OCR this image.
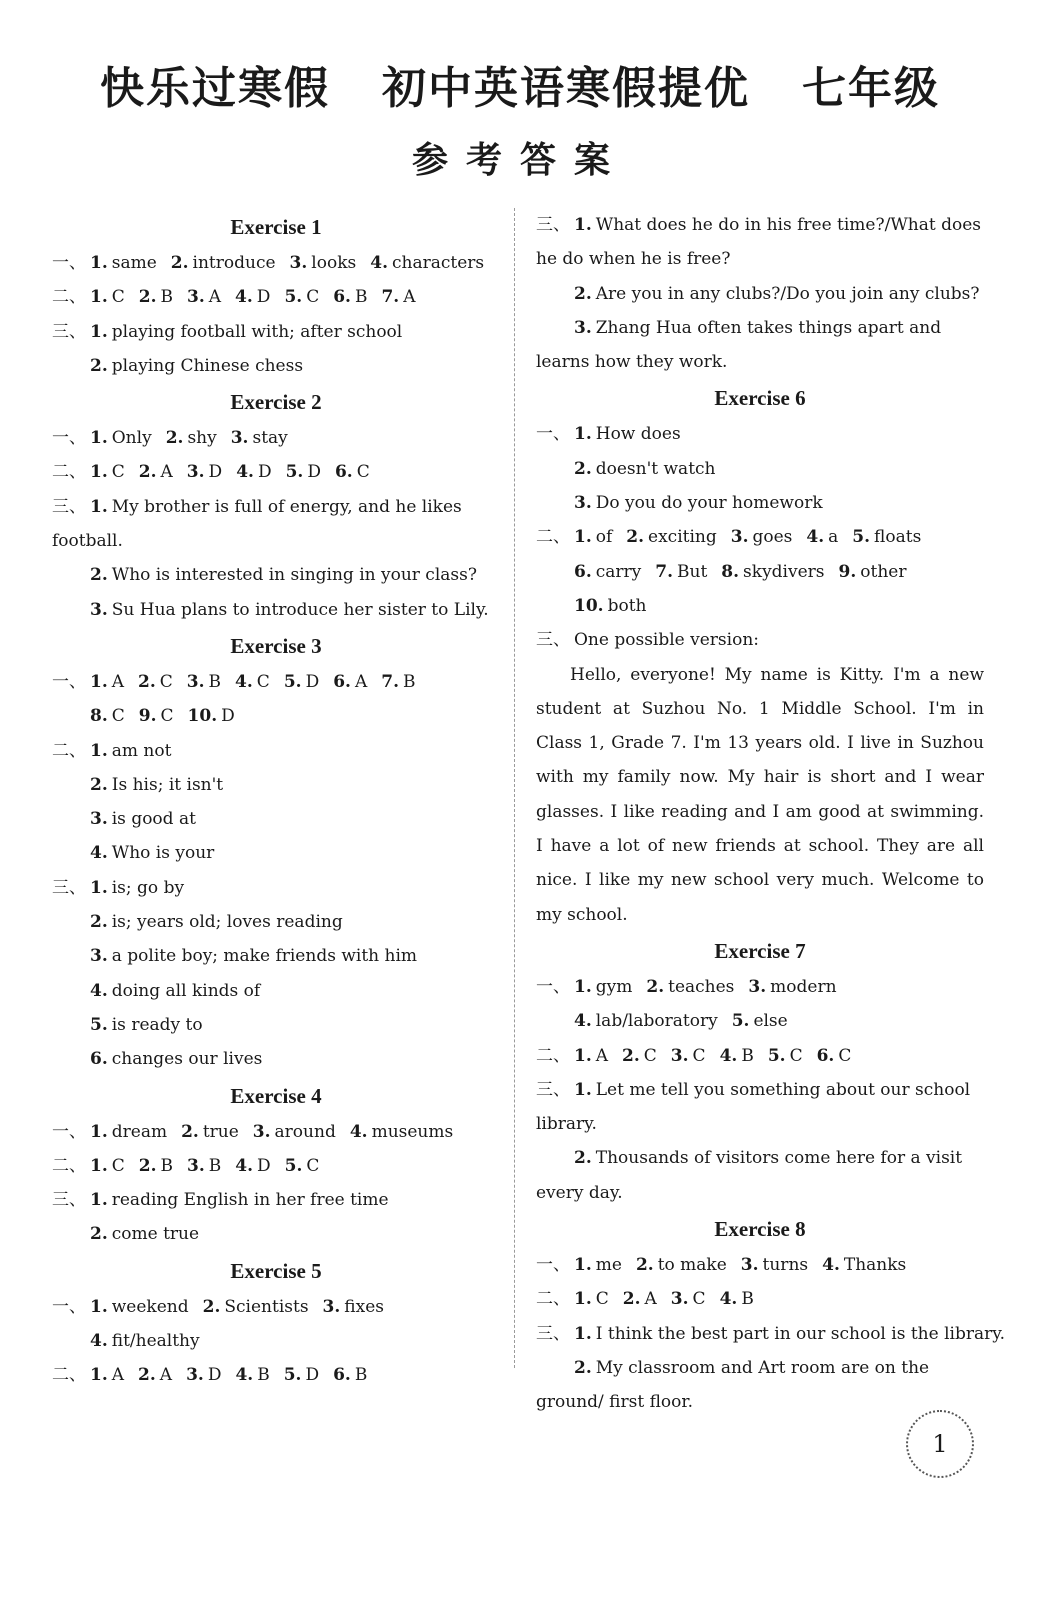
快乐过寒假   初中英语寒假提优   七年级
参考答案
Exercise 1
一、 1. same 2. introduce 3. looks 4. characters
二、 1. C 2. B 3. A 4. D 5. C 6. B 7. A
三、 1. playing football with; after school
2. playing Chinese chess
Exercise 2
一、 1. Only 2. shy 3. stay
二、 1. C 2. A 3. D 4. D 5. D 6. C
三、 1. My brother is full of energy, and he likes football.
2. Who is interested in singing in your class?
3. Su Hua plans to introduce her sister to Lily.
Exercise 3
一、 1. A 2. C 3. B 4. C 5. D 6. A 7. B
8. C 9. C 10. D
二、 1. am not
2. Is his; it isn't
3. is good at
4. Who is your
三、 1. is; go by
2. is; years old; loves reading
3. a polite boy; make friends with him
4. doing all kinds of
5. is ready to
6. changes our lives
Exercise 4
一、 1. dream 2. true 3. around 4. museums
二、 1. C 2. B 3. B 4. D 5. C
三、 1. reading English in her free time
2. come true
Exercise 5
一、 1. weekend 2. Scientists 3. fixes
4. fit/healthy
二、 1. A 2. A 3. D 4. B 5. D 6. B
三、 1. What does he do in his free time?/What does he do when he is free?
2. Are you in any clubs?/Do you join any clubs?
3. Zhang Hua often takes things apart and learns how they work.
Exercise 6
一、 1. How does
2. doesn't watch
3. Do you do your homework
二、 1. of 2. exciting 3. goes 4. a 5. floats
6. carry 7. But 8. skydivers 9. other
10. both
三、 One possible version:
Hello, everyone! My name is Kitty. I'm a new student at Suzhou No. 1 Middle School. I'm in Class 1, Grade 7. I'm 13 years old. I live in Suzhou with my family now. My hair is short and I wear glasses. I like reading and I am good at swimming. I have a lot of new friends at school. They are all nice. I like my new school very much. Welcome to my school.
Exercise 7
一、 1. gym 2. teaches 3. modern
4. lab/laboratory 5. else
二、 1. A 2. C 3. C 4. B 5. C 6. C
三、 1. Let me tell you something about our school library.
2. Thousands of visitors come here for a visit every day.
Exercise 8
一、 1. me 2. to make 3. turns 4. Thanks
二、 1. C 2. A 3. C 4. B
三、 1. I think the best part in our school is the library.
2. My classroom and Art room are on the ground/ first floor.
1
